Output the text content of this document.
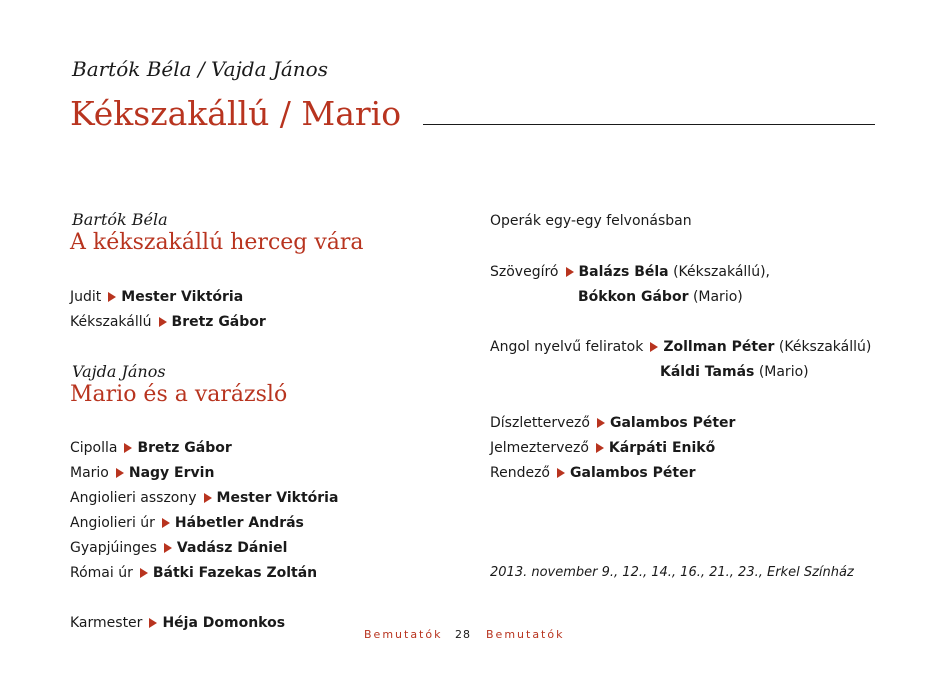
Bartók Béla / Vajda János
Kékszakállú / Mario
Bartók Béla
A kékszakállú herceg vára
Judit Mester Viktória
Kékszakállú Bretz Gábor
Vajda János
Mario és a varázsló
Cipolla Bretz Gábor
Mario Nagy Ervin
Angiolieri asszony Mester Viktória
Angiolieri úr Hábetler András
Gyapjúinges Vadász Dániel
Római úr Bátki Fazekas Zoltán
Karmester Héja Domonkos
Operák egy-egy felvonásban
Szövegíró Balázs Béla (Kékszakállú),
Bókkon Gábor (Mario)
Angol nyelvű feliratok Zollman Péter (Kékszakállú)
Káldi Tamás (Mario)
Díszlettervező Galambos Péter
Jelmeztervező Kárpáti Enikő
Rendező Galambos Péter
2013. november 9., 12., 14., 16., 21., 23., Erkel Színház
Bemutatók 28 Bemutatók
